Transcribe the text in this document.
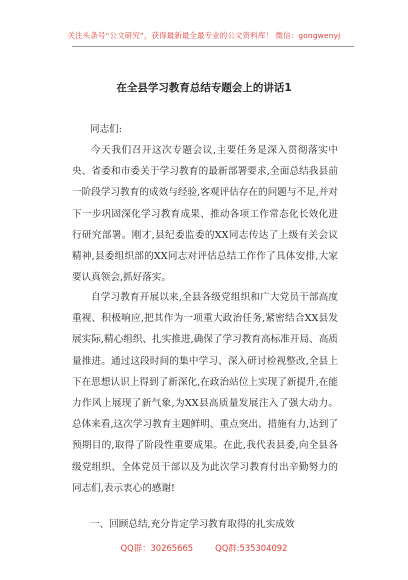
关注头条号“公文研究”，获得最新最全最专业的公文资料库！ 微信：gongwenyj
在全县学习教育总结专题会上的讲话1
同志们:
今天我们召开这次专题会议,主要任务是深入贯彻落实中央、省委和市委关于学习教育的最新部署要求,全面总结我县前一阶段学习教育的成效与经验,客观评估存在的问题与不足,并对下一步巩固深化学习教育成果、推动各项工作常态化长效化进行研究部署。刚才,县纪委监委的XX同志传达了上级有关会议精神,县委组织部的XX同志对评估总结工作作了具体安排,大家要认真领会,抓好落实。
自学习教育开展以来,全县各级党组织和广大党员干部高度重视、积极响应,把其作为一项重大政治任务,紧密结合XX县发展实际,精心组织、扎实推进,确保了学习教育高标准开局、高质量推进。通过这段时间的集中学习、深入研讨检视整改,全县上下在思想认识上得到了新深化,在政治站位上实现了新提升,在能力作风上展现了新气象,为XX县高质量发展注入了强大动力。总体来看,这次学习教育主题鲜明、重点突出、措施有力,达到了预期目的,取得了阶段性重要成果。在此,我代表县委,向全县各级党组织、全体党员干部以及为此次学习教育付出辛勤努力的同志们,表示衷心的感谢!
一、回顾总结,充分肯定学习教育取得的扎实成效
QQ群：30265665	QQ群:535304092
